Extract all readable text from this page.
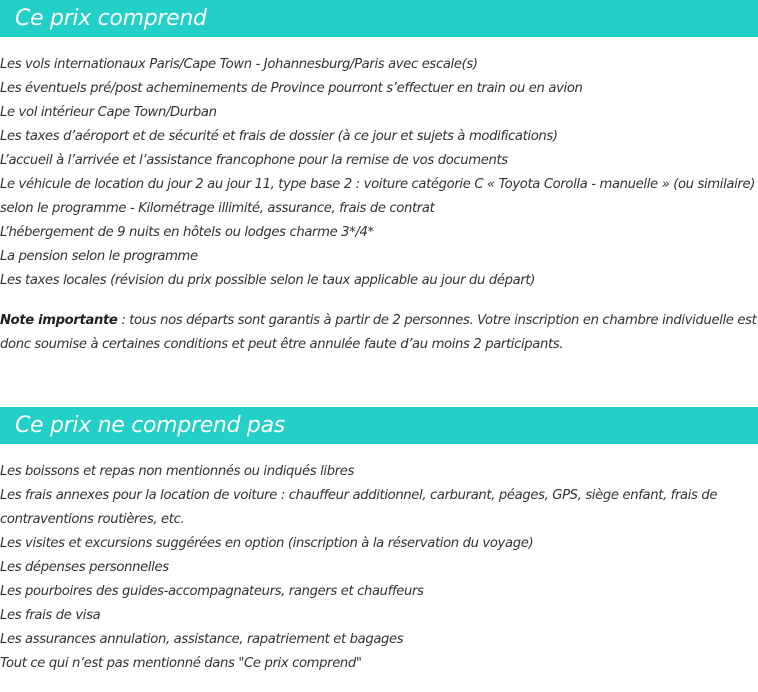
Ce prix comprend
Les vols internationaux Paris/Cape Town - Johannesburg/Paris avec escale(s)
Les éventuels pré/post acheminements de Province pourront s’effectuer en train ou en avion
Le vol intérieur Cape Town/Durban
Les taxes d’aéroport et de sécurité et frais de dossier (à ce jour et sujets à modifications)
L’accueil à l’arrivée et l’assistance francophone pour la remise de vos documents
Le véhicule de location du jour 2 au jour 11, type base 2 : voiture catégorie C « Toyota Corolla - manuelle » (ou similaire)
selon le programme - Kilométrage illimité, assurance, frais de contrat
L’hébergement de 9 nuits en hôtels ou lodges charme 3*/4*
La pension selon le programme
Les taxes locales (révision du prix possible selon le taux applicable au jour du départ)
Note importante : tous nos départs sont garantis à partir de 2 personnes. Votre inscription en chambre individuelle est
donc soumise à certaines conditions et peut être annulée faute d’au moins 2 participants.
Ce prix ne comprend pas
Les boissons et repas non mentionnés ou indiqués libres
Les frais annexes pour la location de voiture : chauffeur additionnel, carburant, péages, GPS, siège enfant, frais de
contraventions routières, etc.
Les visites et excursions suggérées en option (inscription à la réservation du voyage)
Les dépenses personnelles
Les pourboires des guides-accompagnateurs, rangers et chauffeurs
Les frais de visa
Les assurances annulation, assistance, rapatriement et bagages
Tout ce qui n’est pas mentionné dans "Ce prix comprend"
